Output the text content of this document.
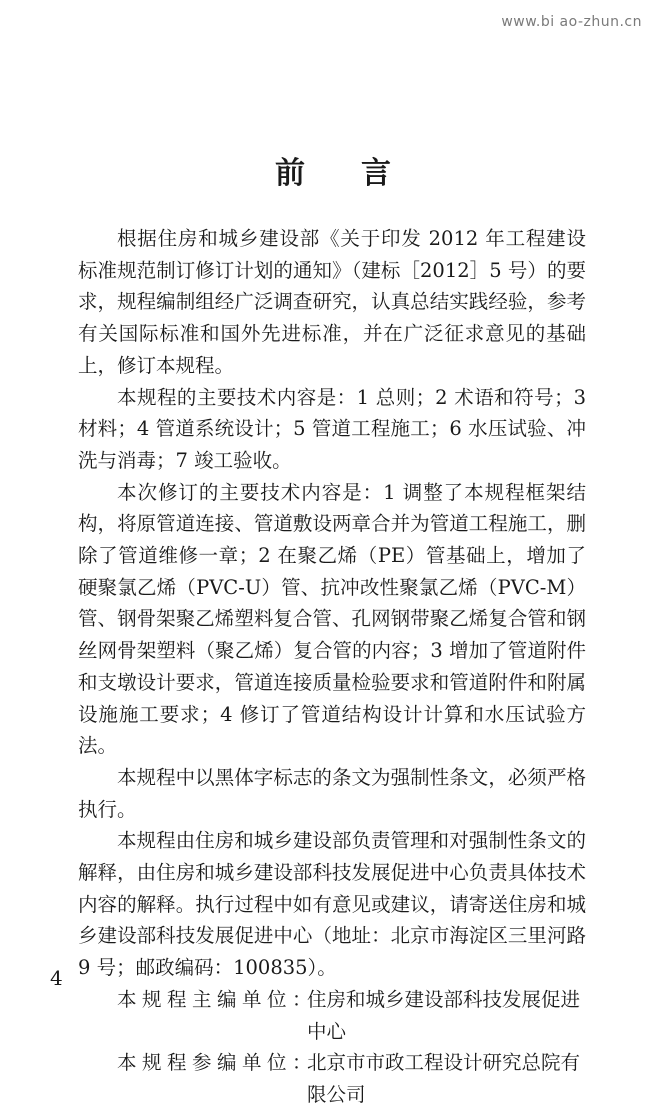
www.bi ao-zhun.cn
前言

根据住房和城乡建设部《关于印发 2012 年工程建设标准规范制订修订计划的通知》（建标［2012］5 号）的要求，规程编制组经广泛调查研究，认真总结实践经验，参考有关国际标准和国外先进标准，并在广泛征求意见的基础上，修订本规程。

本规程的主要技术内容是：1 总则；2 术语和符号；3 材料；4 管道系统设计；5 管道工程施工；6 水压试验、冲洗与消毒；7 竣工验收。

本次修订的主要技术内容是：1 调整了本规程框架结构，将原管道连接、管道敷设两章合并为管道工程施工，删除了管道维修一章；2 在聚乙烯（PE）管基础上，增加了硬聚氯乙烯（PVC-U）管、抗冲改性聚氯乙烯（PVC-M）管、钢骨架聚乙烯塑料复合管、孔网钢带聚乙烯复合管和钢丝网骨架塑料（聚乙烯）复合管的内容；3 增加了管道附件和支墩设计要求，管道连接质量检验要求和管道附件和附属设施施工要求；4 修订了管道结构设计计算和水压试验方法。

本规程中以黑体字标志的条文为强制性条文，必须严格执行。

本规程由住房和城乡建设部负责管理和对强制性条文的解释，由住房和城乡建设部科技发展促进中心负责具体技术内容的解释。执行过程中如有意见或建议，请寄送住房和城乡建设部科技发展促进中心（地址：北京市海淀区三里河路 9 号；邮政编码：100835）。

本规程主编单位：
住房和城乡建设部科技发展促进中心
本规程参编单位：
北京市市政工程设计研究总院有限公司
4
